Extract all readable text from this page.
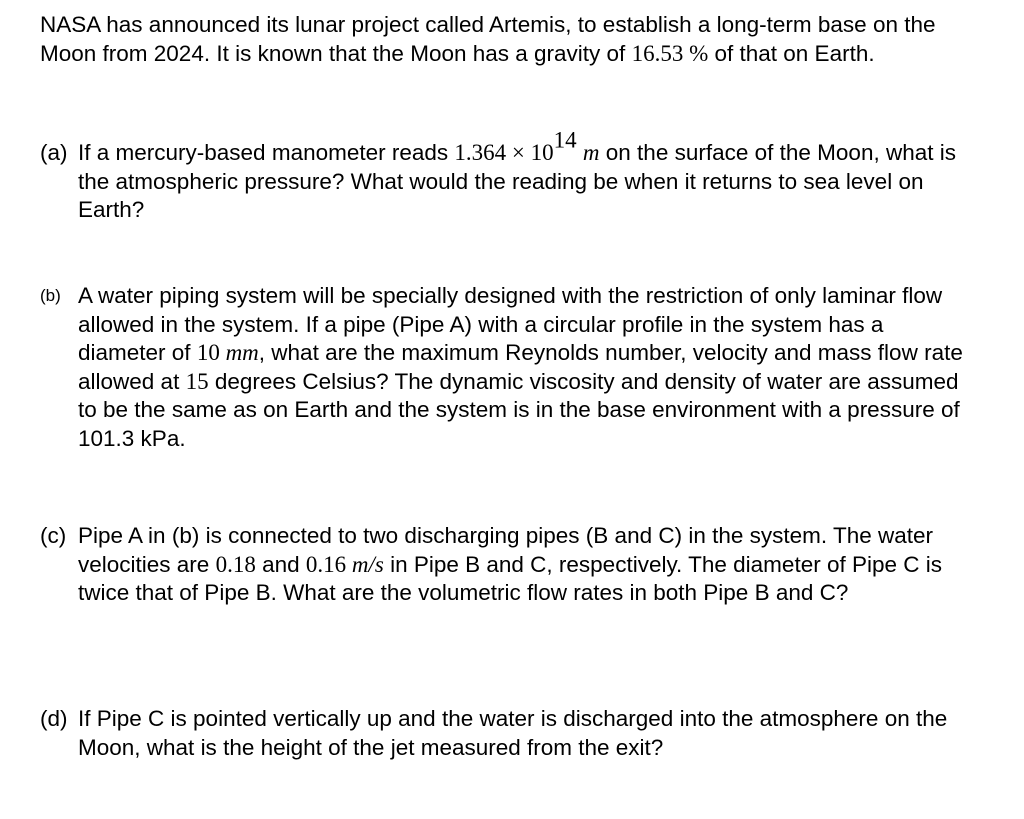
NASA has announced its lunar project called Artemis, to establish a long-term base on the Moon from 2024. It is known that the Moon has a gravity of 16.53 % of that on Earth.
(a) If a mercury-based manometer reads $1.364 \times 10^{14}$ m on the surface of the Moon, what is the atmospheric pressure? What would the reading be when it returns to sea level on Earth?
(b) A water piping system will be specially designed with the restriction of only laminar flow allowed in the system. If a pipe (Pipe A) with a circular profile in the system has a diameter of 10 mm, what are the maximum Reynolds number, velocity and mass flow rate allowed at 15 degrees Celsius? The dynamic viscosity and density of water are assumed to be the same as on Earth and the system is in the base environment with a pressure of 101.3 kPa.
(c) Pipe A in (b) is connected to two discharging pipes (B and C) in the system. The water velocities are 0.18 and 0.16 m/s in Pipe B and C, respectively. The diameter of Pipe C is twice that of Pipe B. What are the volumetric flow rates in both Pipe B and C?
(d) If Pipe C is pointed vertically up and the water is discharged into the atmosphere on the Moon, what is the height of the jet measured from the exit?
